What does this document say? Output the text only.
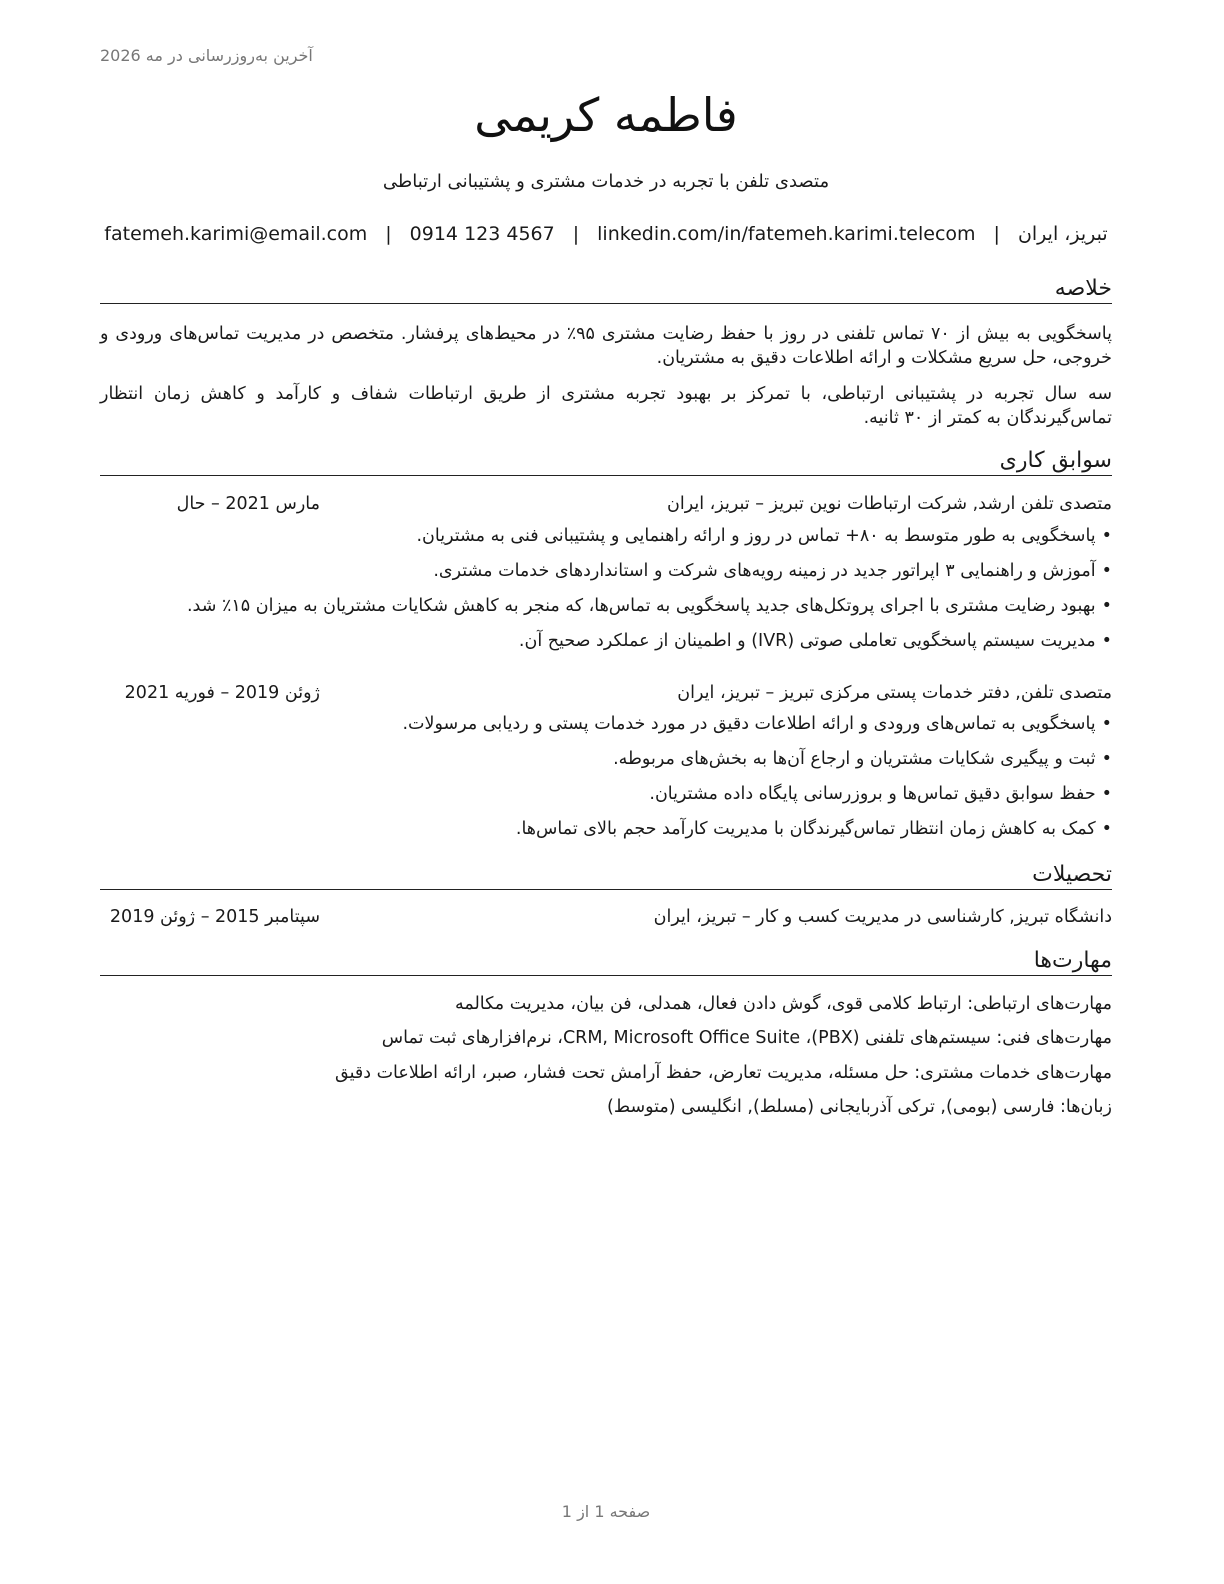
آخرین به‌روزرسانی در مه 2026
فاطمه کریمی
متصدی تلفن با تجربه در خدمات مشتری و پشتیبانی ارتباطی
تبریز، ایران|fatemeh.karimi@email.com | 0914 123 4567 | linkedin.com/in/fatemeh.karimi.telecom
خلاصه
پاسخگویی به بیش از ۷۰ تماس تلفنی در روز با حفظ رضایت مشتری ۹۵٪ در محیط‌های پرفشار. متخصص در مدیریت تماس‌های ورودی و خروجی، حل سریع مشکلات و ارائه اطلاعات دقیق به مشتریان.
سه سال تجربه در پشتیبانی ارتباطی، با تمرکز بر بهبود تجربه مشتری از طریق ارتباطات شفاف و کارآمد و کاهش زمان انتظار تماس‌گیرندگان به کمتر از ۳۰ ثانیه.
سوابق کاری
متصدی تلفن ارشد, شرکت ارتباطات نوین تبریز – تبریز، ایران
مارس 2021 – حال
•پاسخگویی به طور متوسط به ۸۰+ تماس در روز و ارائه راهنمایی و پشتیبانی فنی به مشتریان.
•آموزش و راهنمایی ۳ اپراتور جدید در زمینه رویه‌های شرکت و استانداردهای خدمات مشتری.
•بهبود رضایت مشتری با اجرای پروتکل‌های جدید پاسخگویی به تماس‌ها، که منجر به کاهش شکایات مشتریان به میزان ۱۵٪ شد.
•مدیریت سیستم پاسخگویی تعاملی صوتی (IVR) و اطمینان از عملکرد صحیح آن.
متصدی تلفن, دفتر خدمات پستی مرکزی تبریز – تبریز، ایران
ژوئن 2019 – فوریه 2021
•پاسخگویی به تماس‌های ورودی و ارائه اطلاعات دقیق در مورد خدمات پستی و ردیابی مرسولات.
•ثبت و پیگیری شکایات مشتریان و ارجاع آن‌ها به بخش‌های مربوطه.
•حفظ سوابق دقیق تماس‌ها و بروزرسانی پایگاه داده مشتریان.
•کمک به کاهش زمان انتظار تماس‌گیرندگان با مدیریت کارآمد حجم بالای تماس‌ها.
تحصیلات
دانشگاه تبریز, کارشناسی در مدیریت کسب و کار – تبریز، ایران
سپتامبر 2015 – ژوئن 2019
مهارت‌ها
مهارت‌های ارتباطی: ارتباط کلامی قوی، گوش دادن فعال، همدلی، فن بیان، مدیریت مکالمه
مهارت‌های فنی: سیستم‌های تلفنی (PBX)، CRM, Microsoft Office Suite، نرم‌افزارهای ثبت تماس
مهارت‌های خدمات مشتری: حل مسئله، مدیریت تعارض، حفظ آرامش تحت فشار، صبر، ارائه اطلاعات دقیق
زبان‌ها: فارسی (بومی), ترکی آذربایجانی (مسلط), انگلیسی (متوسط)
صفحه 1 از 1
